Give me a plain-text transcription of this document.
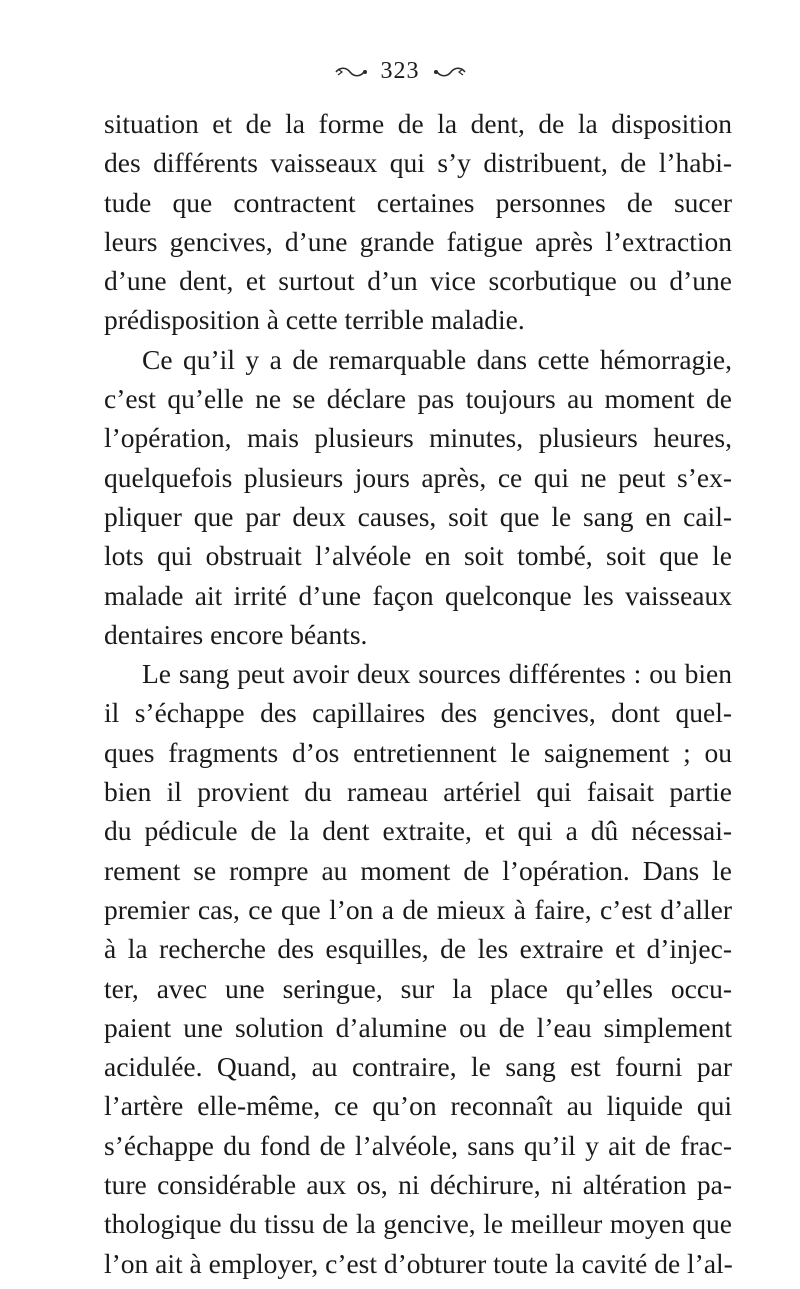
323
situation et de la forme de la dent, de la disposition
des différents vaisseaux qui s’y distribuent, de l’habi-
tude que contractent certaines personnes de sucer
leurs gencives, d’une grande fatigue après l’extraction
d’une dent, et surtout d’un vice scorbutique ou d’une
prédisposition à cette terrible maladie.
Ce qu’il y a de remarquable dans cette hémorragie,
c’est qu’elle ne se déclare pas toujours au moment de
l’opération, mais plusieurs minutes, plusieurs heures,
quelquefois plusieurs jours après, ce qui ne peut s’ex-
pliquer que par deux causes, soit que le sang en cail-
lots qui obstruait l’alvéole en soit tombé, soit que le
malade ait irrité d’une façon quelconque les vaisseaux
dentaires encore béants.
Le sang peut avoir deux sources différentes : ou bien
il s’échappe des capillaires des gencives, dont quel-
ques fragments d’os entretiennent le saignement ; ou
bien il provient du rameau artériel qui faisait partie
du pédicule de la dent extraite, et qui a dû nécessai-
rement se rompre au moment de l’opération. Dans le
premier cas, ce que l’on a de mieux à faire, c’est d’aller
à la recherche des esquilles, de les extraire et d’injec-
ter, avec une seringue, sur la place qu’elles occu-
paient une solution d’alumine ou de l’eau simplement
acidulée. Quand, au contraire, le sang est fourni par
l’artère elle-même, ce qu’on reconnaît au liquide qui
s’échappe du fond de l’alvéole, sans qu’il y ait de frac-
ture considérable aux os, ni déchirure, ni altération pa-
thologique du tissu de la gencive, le meilleur moyen que
l’on ait à employer, c’est d’obturer toute la cavité de l’al-
